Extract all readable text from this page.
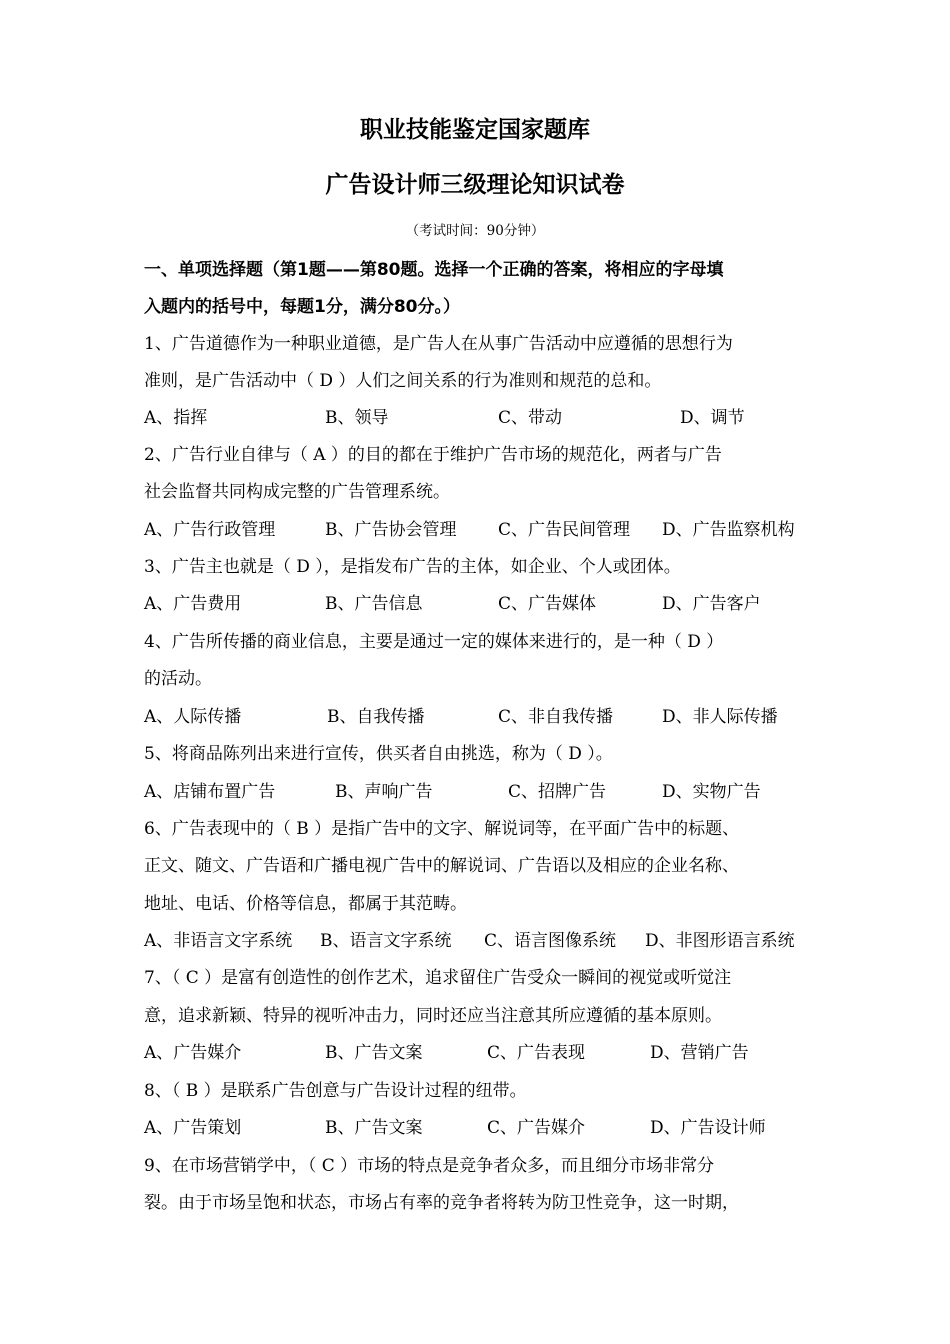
职业技能鉴定国家题库
广告设计师三级理论知识试卷
（考试时间：90分钟）
一、单项选择题（第1题——第80题。选择一个正确的答案，将相应的字母填
入题内的括号中，每题1分，满分80分。）
1、广告道德作为一种职业道德，是广告人在从事广告活动中应遵循的思想行为
准则，是广告活动中（ D ）人们之间关系的行为准则和规范的总和。
A、指挥	B、领导	C、带动	D、调节
2、广告行业自律与（ A ）的目的都在于维护广告市场的规范化，两者与广告
社会监督共同构成完整的广告管理系统。
A、广告行政管理	B、广告协会管理 C、广告民间管理 D、广告监察机构
3、广告主也就是（ D ），是指发布广告的主体，如企业、个人或团体。
A、广告费用	B、广告信息	C、广告媒体	D、广告客户
4、广告所传播的商业信息，主要是通过一定的媒体来进行的，是一种（ D ）
的活动。
A、人际传播	B、自我传播	C、非自我传播	D、非人际传播
5、将商品陈列出来进行宣传，供买者自由挑选，称为（ D ）。
A、店铺布置广告	B、声响广告	C、招牌广告	D、实物广告
6、广告表现中的（ B ）是指广告中的文字、解说词等，在平面广告中的标题、
正文、随文、广告语和广播电视广告中的解说词、广告语以及相应的企业名称、
地址、电话、价格等信息，都属于其范畴。
A、非语言文字系统 B、语言文字系统 C、语言图像系统 D、非图形语言系统
7、（ C ）是富有创造性的创作艺术，追求留住广告受众一瞬间的视觉或听觉注
意，追求新颖、特异的视听冲击力，同时还应当注意其所应遵循的基本原则。
A、广告媒介	B、广告文案	C、广告表现	D、营销广告
8、（ B ）是联系广告创意与广告设计过程的纽带。
A、广告策划	B、广告文案	C、广告媒介	D、广告设计师
9、在市场营销学中，（ C ）市场的特点是竞争者众多，而且细分市场非常分
裂。由于市场呈饱和状态，市场占有率的竞争者将转为防卫性竞争，这一时期，
